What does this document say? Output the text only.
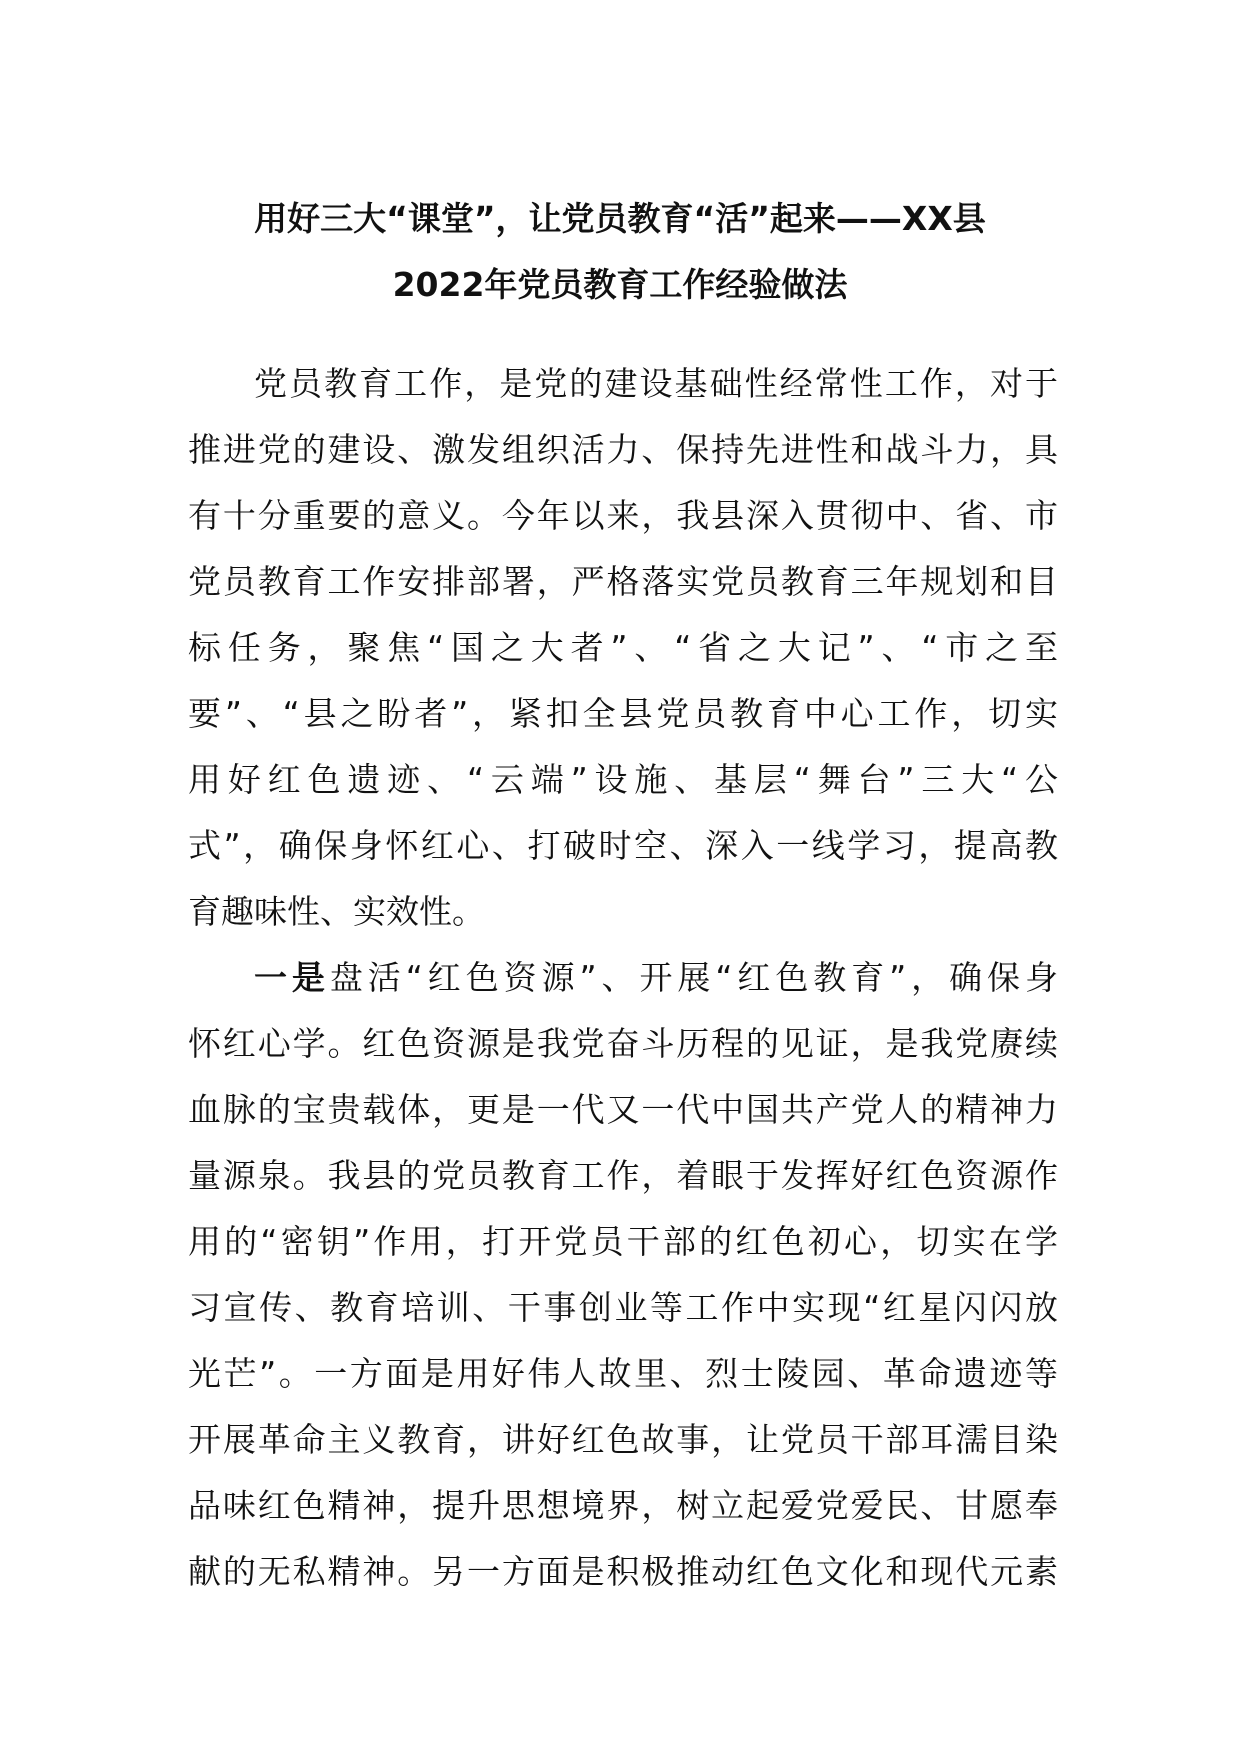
用好三大“课堂”，让党员教育“活”起来——XX县
2022年党员教育工作经验做法
党员教育工作，是党的建设基础性经常性工作，对于
推进党的建设、激发组织活力、保持先进性和战斗力，具
有十分重要的意义。今年以来，我县深入贯彻中、省、市
党员教育工作安排部署，严格落实党员教育三年规划和目
标任务，聚焦“国之大者”、“省之大记”、“市之至
要”、“县之盼者”，紧扣全县党员教育中心工作，切实
用好红色遗迹、“云端”设施、基层“舞台”三大“公
式”，确保身怀红心、打破时空、深入一线学习，提高教
育趣味性、实效性。
一是盘活“红色资源”、开展“红色教育”，确保身
怀红心学。红色资源是我党奋斗历程的见证，是我党赓续
血脉的宝贵载体，更是一代又一代中国共产党人的精神力
量源泉。我县的党员教育工作，着眼于发挥好红色资源作
用的“密钥”作用，打开党员干部的红色初心，切实在学
习宣传、教育培训、干事创业等工作中实现“红星闪闪放
光芒”。一方面是用好伟人故里、烈士陵园、革命遗迹等
开展革命主义教育，讲好红色故事，让党员干部耳濡目染
品味红色精神，提升思想境界，树立起爱党爱民、甘愿奉
献的无私精神。另一方面是积极推动红色文化和现代元素
